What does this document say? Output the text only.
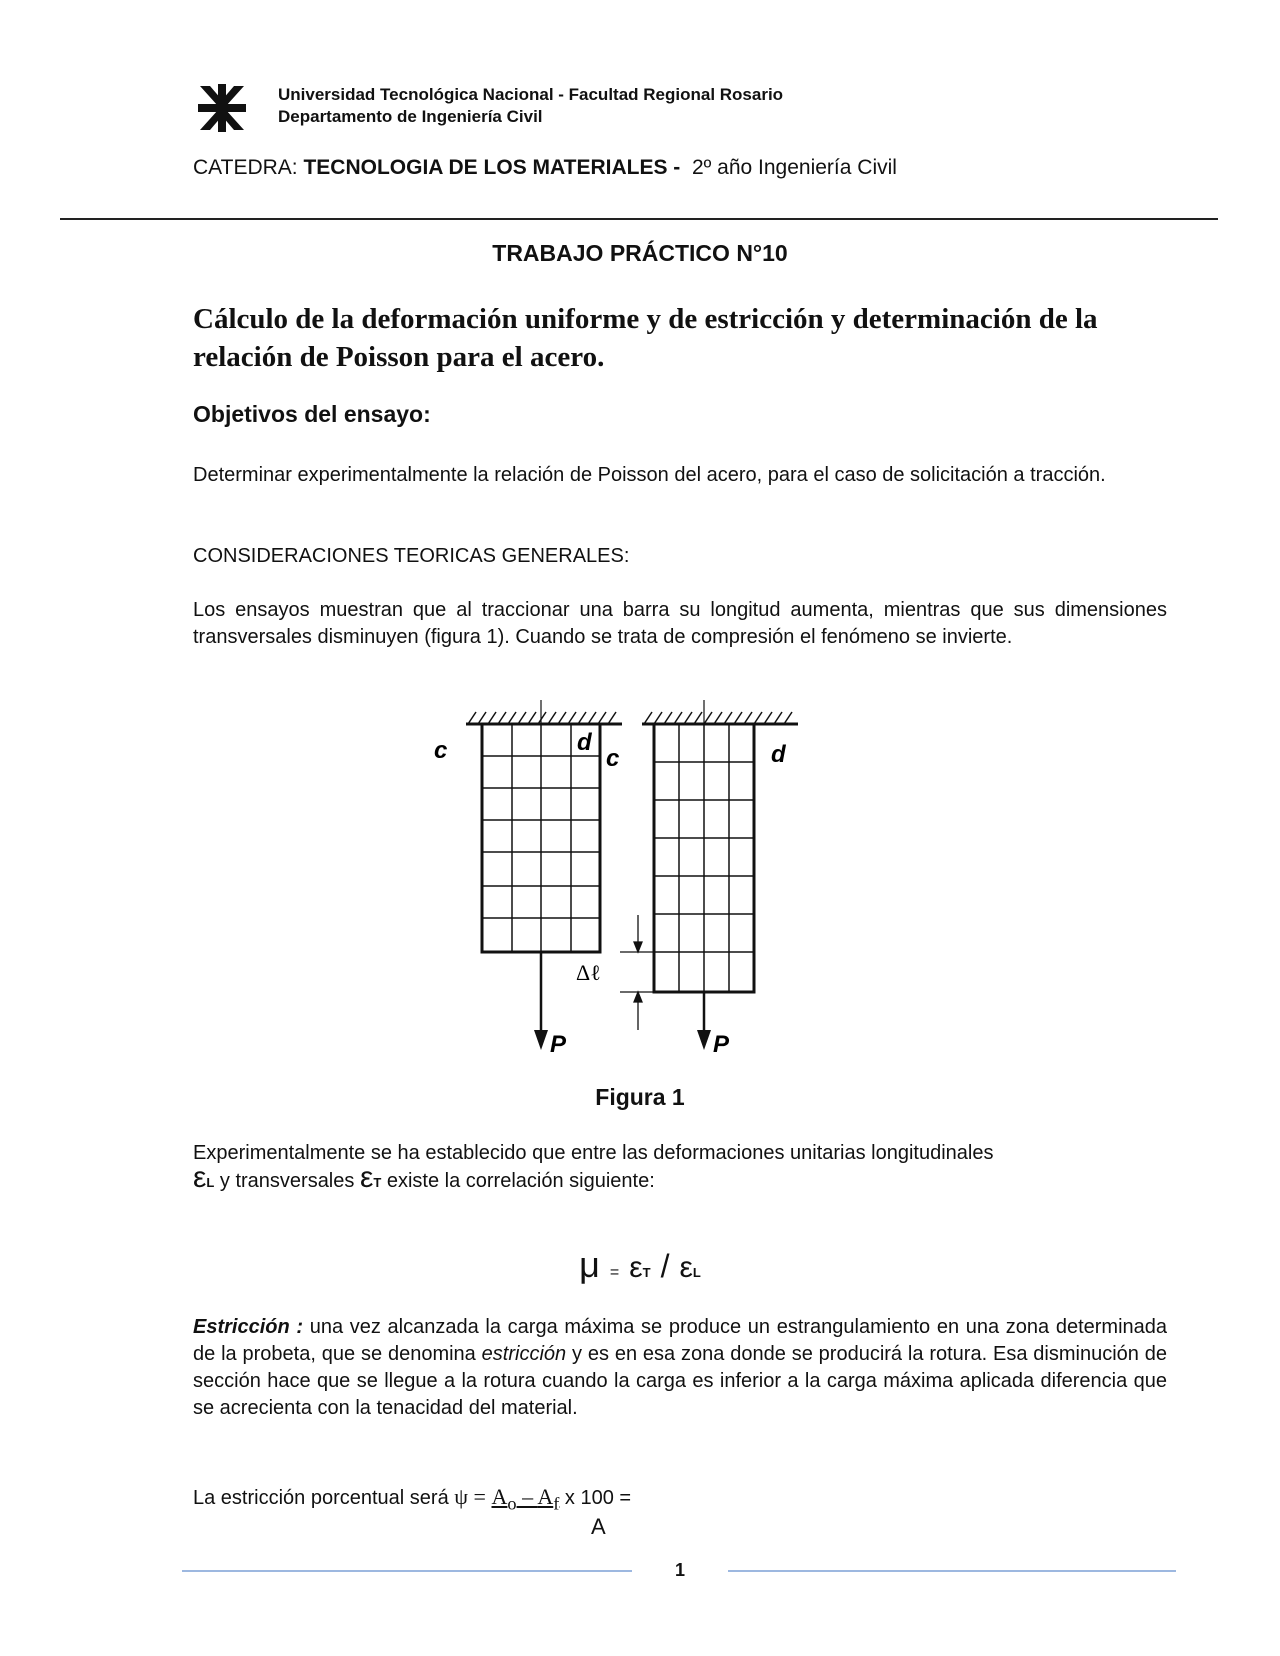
Universidad Tecnológica Nacional - Facultad Regional Rosario
Departamento de Ingeniería Civil
CATEDRA: TECNOLOGIA DE LOS MATERIALES - 2º año Ingeniería Civil
TRABAJO PRÁCTICO N°10
Cálculo de la deformación uniforme y de estricción y determinación de la relación de Poisson para el acero.
Objetivos del ensayo:
Determinar experimentalmente la relación de Poisson del acero, para el caso de solicitación a tracción.
CONSIDERACIONES TEORICAS GENERALES:
Los ensayos muestran que al traccionar una barra su longitud aumenta, mientras que sus dimensiones transversales disminuyen (figura 1). Cuando se trata de compresión el fenómeno se invierte.
c	d
c	d
Δℓ
P	P
Figura 1
Experimentalmente se ha establecido que entre las deformaciones unitarias longitudinales
εL y transversales εT existe la correlación siguiente:
μ = εT / εL
Estricción : una vez alcanzada la carga máxima se produce un estrangulamiento en una zona determinada de la probeta, que se denomina estricción y es en esa zona donde se producirá la rotura. Esa disminución de sección hace que se llegue a la rotura cuando la carga es inferior a la carga máxima aplicada diferencia que se acrecienta con la tenacidad del material.
La estricción porcentual será $\psi = A_o - A_f$ x 100 =
A
1
